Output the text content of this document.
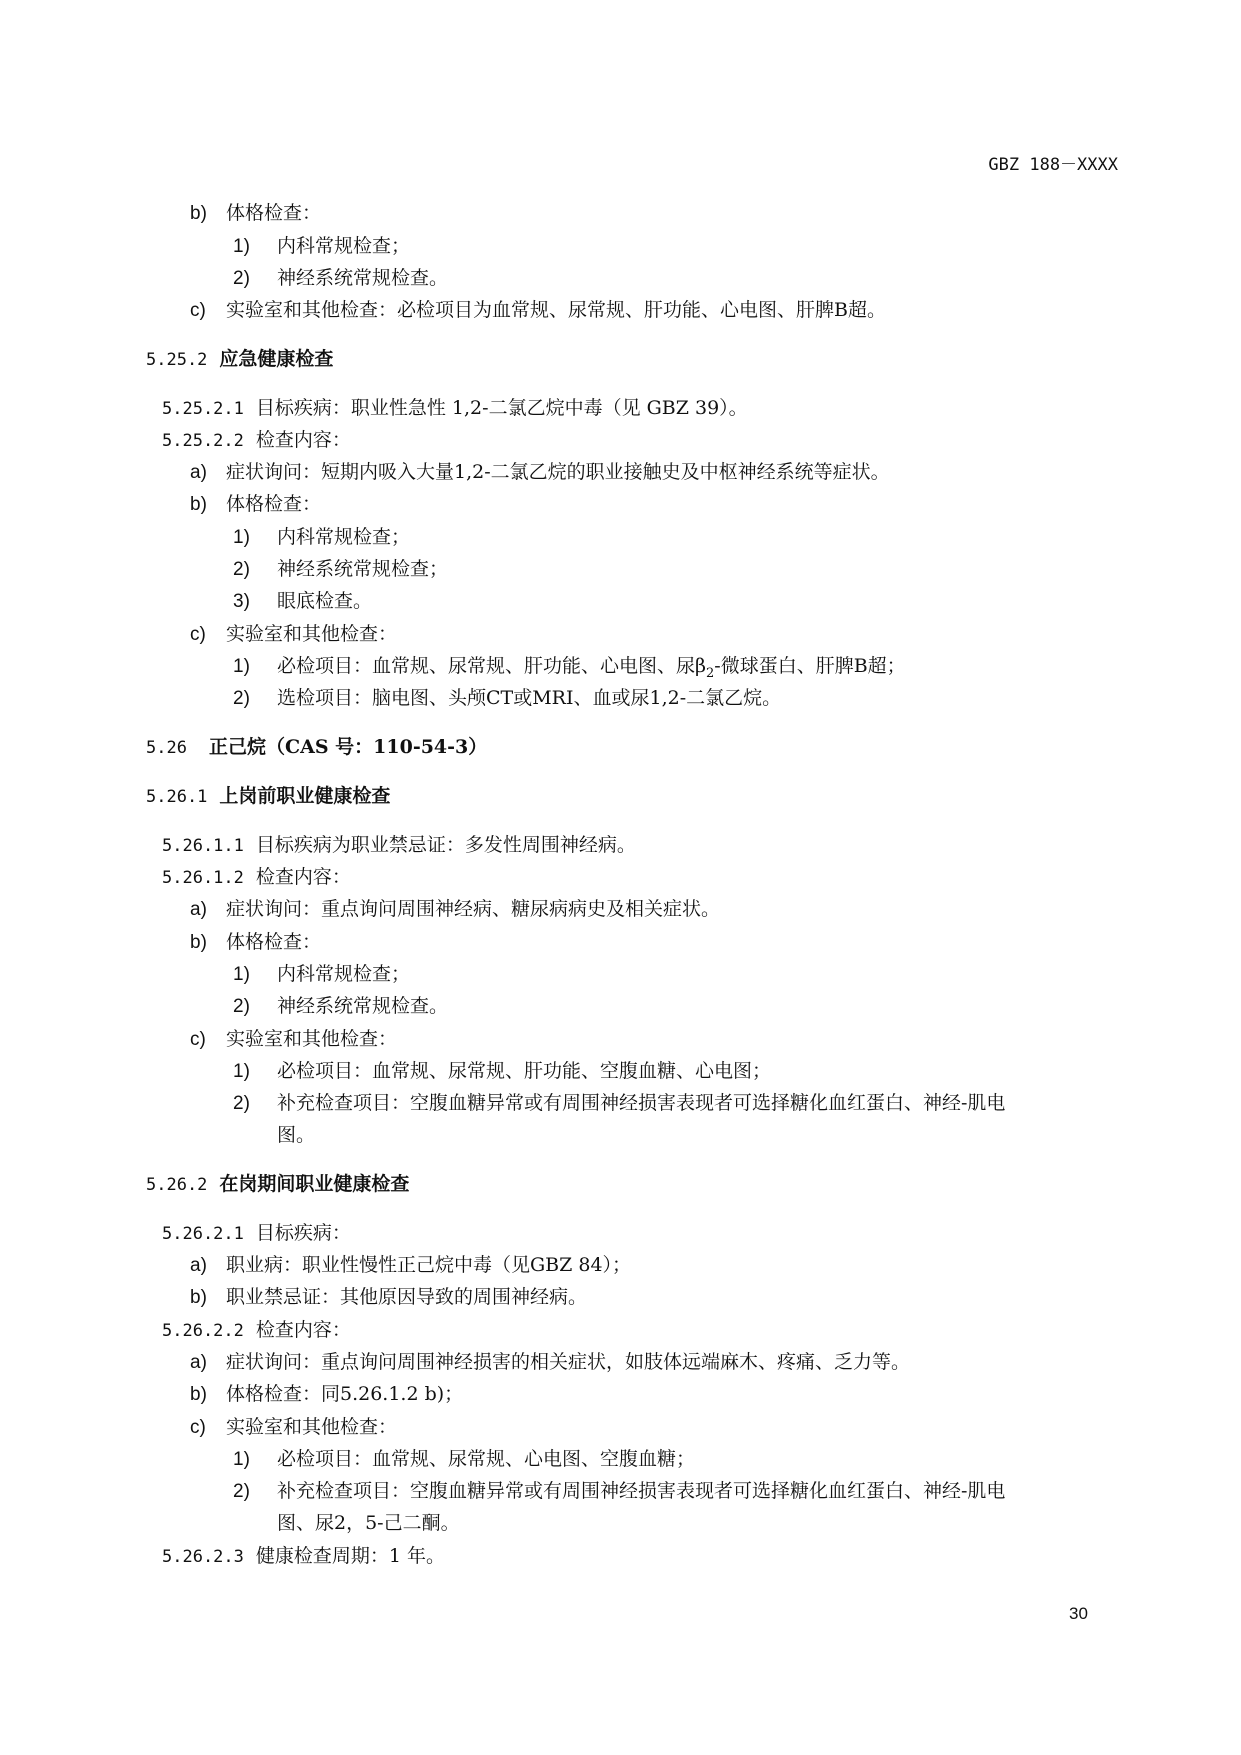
GBZ 188－XXXX
b) 体格检查：
1) 内科常规检查；
2) 神经系统常规检查。
c) 实验室和其他检查：必检项目为血常规、尿常规、肝功能、心电图、肝脾B超。
5.25.2 应急健康检查
5.25.2.1 目标疾病：职业性急性 1,2-二氯乙烷中毒（见 GBZ 39）。
5.25.2.2 检查内容：
a) 症状询问：短期内吸入大量1,2-二氯乙烷的职业接触史及中枢神经系统等症状。
b) 体格检查：
1) 内科常规检查；
2) 神经系统常规检查；
3) 眼底检查。
c) 实验室和其他检查：
1) 必检项目：血常规、尿常规、肝功能、心电图、尿$\beta_2-$微球蛋白、肝脾B超；
2) 选检项目：脑电图、头颅CT或MRI、血或尿1,2-二氯乙烷。
5.26 正己烷（CAS 号：110-54-3）
5.26.1 上岗前职业健康检查
5.26.1.1 目标疾病为职业禁忌证：多发性周围神经病。
5.26.1.2 检查内容：
a) 症状询问：重点询问周围神经病、糖尿病病史及相关症状。
b) 体格检查：
1) 内科常规检查；
2) 神经系统常规检查。
c) 实验室和其他检查：
1) 必检项目：血常规、尿常规、肝功能、空腹血糖、心电图；
2) 补充检查项目：空腹血糖异常或有周围神经损害表现者可选择糖化血红蛋白、神经-肌电
图。
5.26.2 在岗期间职业健康检查
5.26.2.1 目标疾病：
a) 职业病：职业性慢性正己烷中毒（见GBZ 84）；
b) 职业禁忌证：其他原因导致的周围神经病。
5.26.2.2 检查内容：
a) 症状询问：重点询问周围神经损害的相关症状，如肢体远端麻木、疼痛、乏力等。
b) 体格检查：同5.26.1.2 b)；
c) 实验室和其他检查：
1) 必检项目：血常规、尿常规、心电图、空腹血糖；
2) 补充检查项目：空腹血糖异常或有周围神经损害表现者可选择糖化血红蛋白、神经-肌电
图、尿2，5-己二酮。
5.26.2.3 健康检查周期：1 年。
30
